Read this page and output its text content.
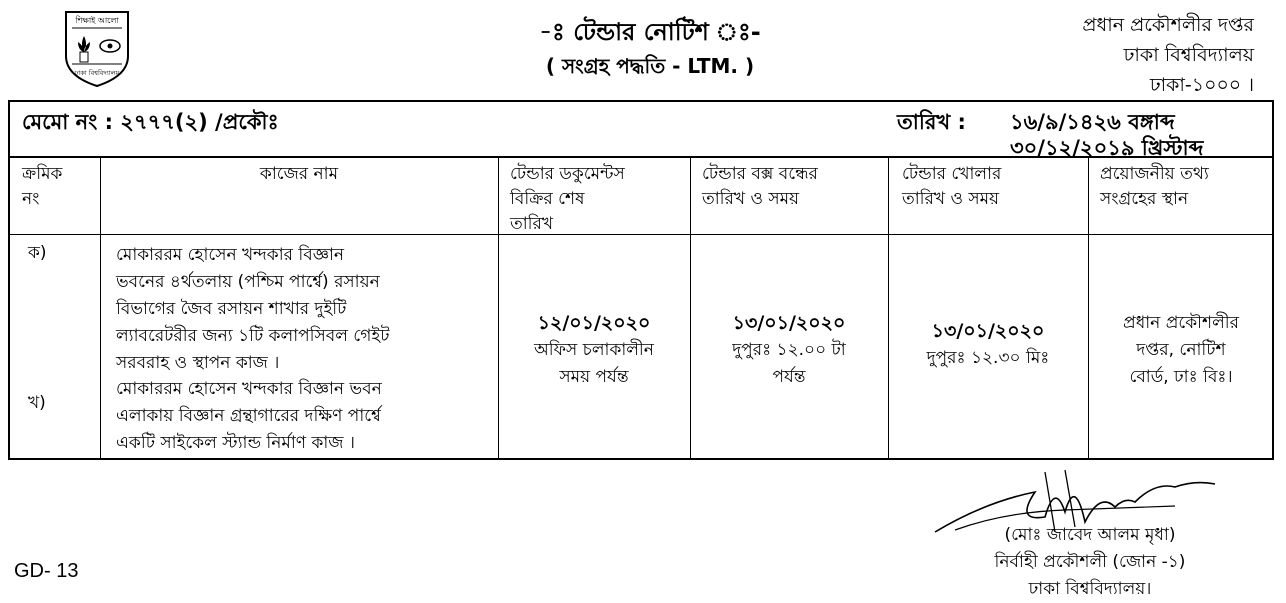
শিক্ষাই আলো
ঢাকা বিশ্ববিদ্যালয়
-ঃ টেন্ডার নোটিশ ঃ-
( সংগ্রহ পদ্ধতি - LTM. )
প্রধান প্রকৌশলীর দপ্তর
ঢাকা বিশ্ববিদ্যালয়
ঢাকা-১০০০ ।
মেমো নং : ২৭৭৭(২) /প্রকৌঃ	তারিখ : ১৬/৯/১৪২৬ বঙ্গাব্দ
৩০/১২/২০১৯ খ্রিস্টাব্দ
ক্রমিক
নং
কাজের নাম	টেন্ডার ডকুমেন্টস
বিক্রির শেষ
তারিখ
টেন্ডার বক্স বন্ধের
তারিখ ও সময়
টেন্ডার খোলার
তারিখ ও সময়
প্রয়োজনীয় তথ্য
সংগ্রহের স্থান
ক)
খ)
মোকাররম হোসেন খন্দকার বিজ্ঞান
ভবনের ৪র্থতলায় (পশ্চিম পার্শ্বে) রসায়ন
বিভাগের জৈব রসায়ন শাখার দুইটি
ল্যাবরেটরীর জন্য ১টি কলাপসিবল গেইট
সরবরাহ ও স্থাপন কাজ ।
মোকাররম হোসেন খন্দকার বিজ্ঞান ভবন
এলাকায় বিজ্ঞান গ্রন্থাগারের দক্ষিণ পার্শ্বে
একটি সাইকেল স্ট্যান্ড নির্মাণ কাজ ।
১২/০১/২০২০
অফিস চলাকালীন
সময় পর্যন্ত
১৩/০১/২০২০
দুপুরঃ ১২.০০ টা
পর্যন্ত
১৩/০১/২০২০
দুপুরঃ ১২.৩০ মিঃ
প্রধান প্রকৌশলীর
দপ্তর, নোটিশ
বোর্ড, ঢাঃ বিঃ।
GD- 13
(মোঃ জাবেদ আলম মৃধা)
নির্বাহী প্রকৌশলী (জোন -১)
ঢাকা বিশ্ববিদ্যালয়।
